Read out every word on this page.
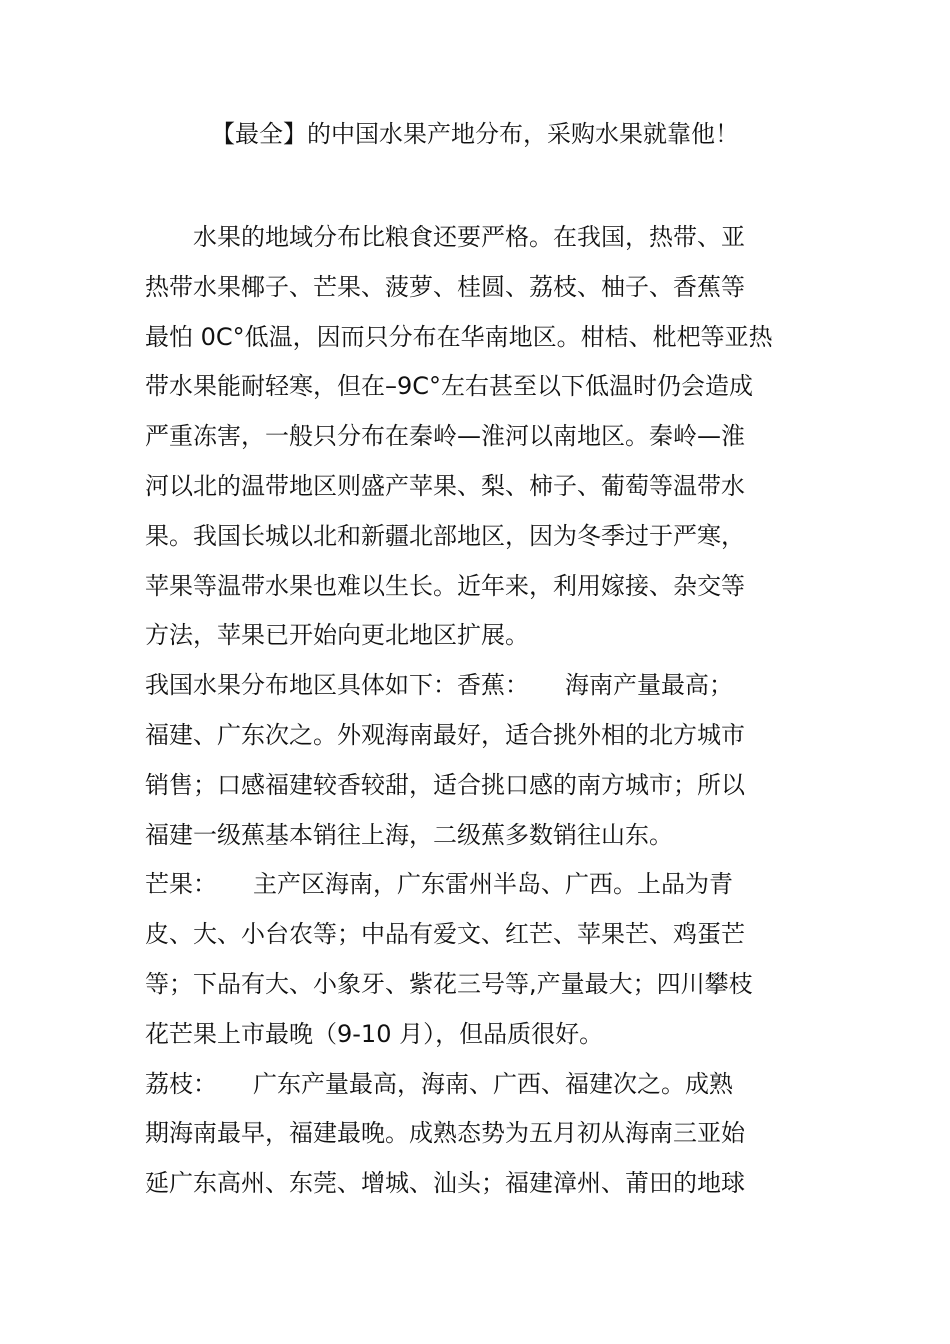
【最全】的中国水果产地分布，采购水果就靠他！
　　水果的地域分布比粮食还要严格。在我国，热带、亚
热带水果椰子、芒果、菠萝、桂圆、荔枝、柚子、香蕉等
最怕 0C°低温，因而只分布在华南地区。柑桔、枇杷等亚热
带水果能耐轻寒，但在–9C°左右甚至以下低温时仍会造成
严重冻害，一般只分布在秦岭—淮河以南地区。秦岭—淮
河以北的温带地区则盛产苹果、梨、柿子、葡萄等温带水
果。我国长城以北和新疆北部地区，因为冬季过于严寒，
苹果等温带水果也难以生长。近年来，利用嫁接、杂交等
方法，苹果已开始向更北地区扩展。
我国水果分布地区具体如下：香蕉：　　海南产量最高；
福建、广东次之。外观海南最好，适合挑外相的北方城市
销售；口感福建较香较甜，适合挑口感的南方城市；所以
福建一级蕉基本销往上海，二级蕉多数销往山东。
芒果：　　主产区海南，广东雷州半岛、广西。上品为青
皮、大、小台农等；中品有爱文、红芒、苹果芒、鸡蛋芒
等；下品有大、小象牙、紫花三号等,产量最大；四川攀枝
花芒果上市最晚（9-10 月），但品质很好。
荔枝：　　广东产量最高，海南、广西、福建次之。成熟
期海南最早，福建最晚。成熟态势为五月初从海南三亚始
延广东高州、东莞、增城、汕头；福建漳州、莆田的地球
